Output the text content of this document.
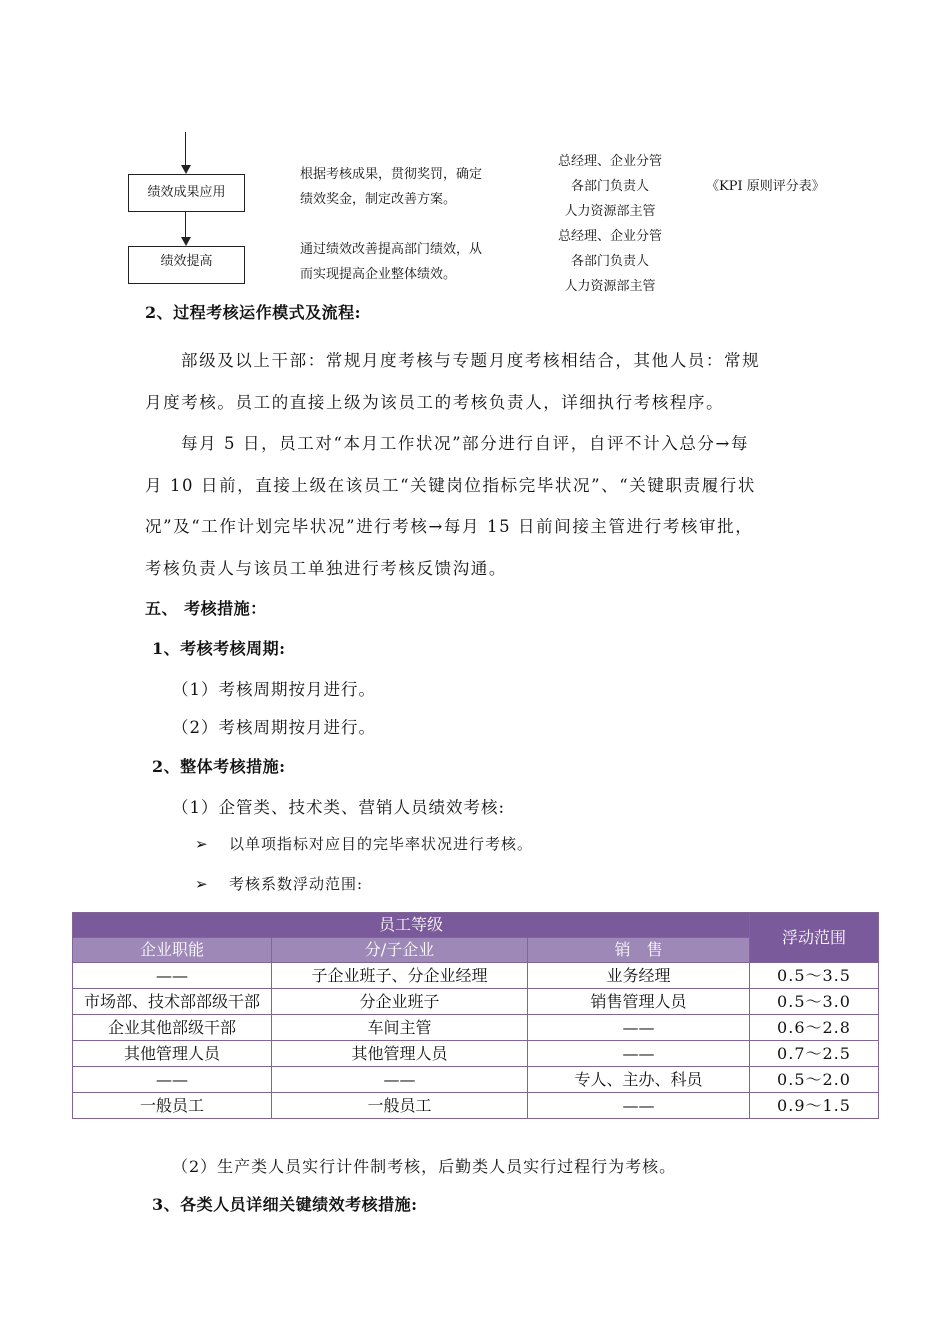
绩效成果应用
绩效提高
根据考核成果，贯彻奖罚，确定
绩效奖金，制定改善方案。
通过绩效改善提高部门绩效，从
而实现提高企业整体绩效。
总经理、企业分管
各部门负责人
人力资源部主管
总经理、企业分管
各部门负责人
人力资源部主管
《KPI 原则评分表》
2、过程考核运作模式及流程:
部级及以上干部：常规月度考核与专题月度考核相结合，其他人员：常规
月度考核。员工的直接上级为该员工的考核负责人，详细执行考核程序。
每月 5 日，员工对“本月工作状况”部分进行自评，自评不计入总分→每
月 10 日前，直接上级在该员工“关键岗位指标完毕状况”、“关键职责履行状
况”及“工作计划完毕状况”进行考核→每月 15 日前间接主管进行考核审批，
考核负责人与该员工单独进行考核反馈沟通。
五、 考核措施：
1、考核考核周期:
（1）考核周期按月进行。
（2）考核周期按月进行。
2、整体考核措施:
（1）企管类、技术类、营销人员绩效考核:
➢ 以单项指标对应目的完毕率状况进行考核。
➢ 考核系数浮动范围:
员工等级			浮动范围
企业职能	分/子企业	销　售	
——	子企业班子、分企业经理	业务经理	0.5～3.5
市场部、技术部部级干部	分企业班子	销售管理人员	0.5～3.0
企业其他部级干部	车间主管	——	0.6～2.8
其他管理人员	其他管理人员	——	0.7～2.5
——	——	专人、主办、科员	0.5～2.0
一般员工	一般员工	——	0.9～1.5
（2）生产类人员实行计件制考核，后勤类人员实行过程行为考核。
3、各类人员详细关键绩效考核措施:
